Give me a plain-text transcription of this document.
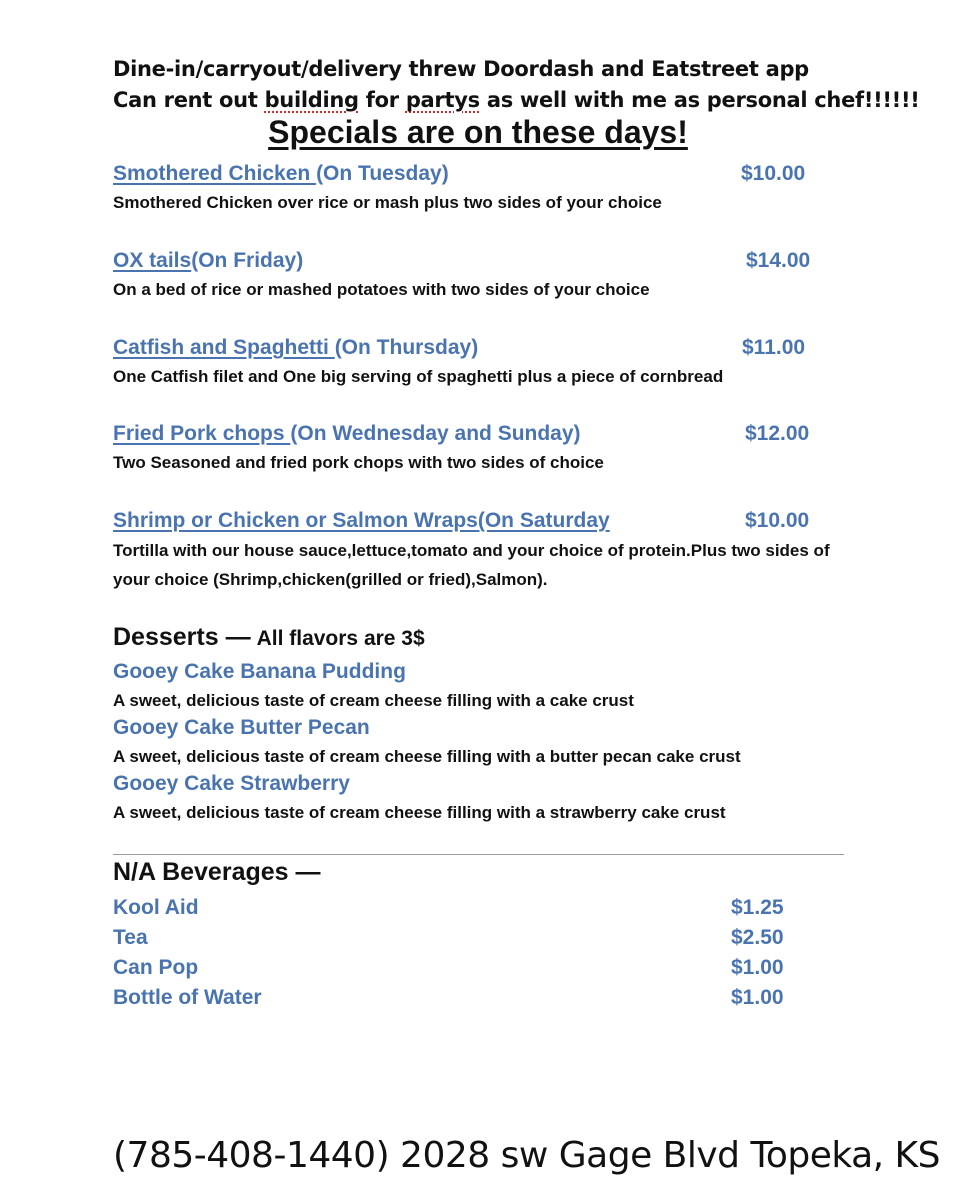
Dine-in/carryout/delivery threw Doordash and Eatstreet app
Can rent out building for partys as well with me as personal chef!!!!!!
Specials are on these days!
Smothered Chicken (On Tuesday)	$10.00
Smothered Chicken over rice or mash plus two sides of your choice
OX tails(On Friday)	$14.00
On a bed of rice or mashed potatoes with two sides of your choice
Catfish and Spaghetti (On Thursday)	$11.00
One Catfish filet and One big serving of spaghetti plus a piece of cornbread
Fried Pork chops (On Wednesday and Sunday)	$12.00
Two Seasoned and fried pork chops with two sides of choice
Shrimp or Chicken or Salmon Wraps(On Saturday	$10.00
Tortilla with our house sauce,lettuce,tomato and your choice of protein.Plus two sides of your choice (Shrimp,chicken(grilled or fried),Salmon).
Desserts — All flavors are 3$
Gooey Cake Banana Pudding
A sweet, delicious taste of cream cheese filling with a cake crust
Gooey Cake Butter Pecan
A sweet, delicious taste of cream cheese filling with a butter pecan cake crust
Gooey Cake Strawberry
A sweet, delicious taste of cream cheese filling with a strawberry cake crust
N/A Beverages —
Kool Aid	$1.25
Tea	$2.50
Can Pop	$1.00
Bottle of Water	$1.00
(785-408-1440) 2028 sw Gage Blvd Topeka, KS
